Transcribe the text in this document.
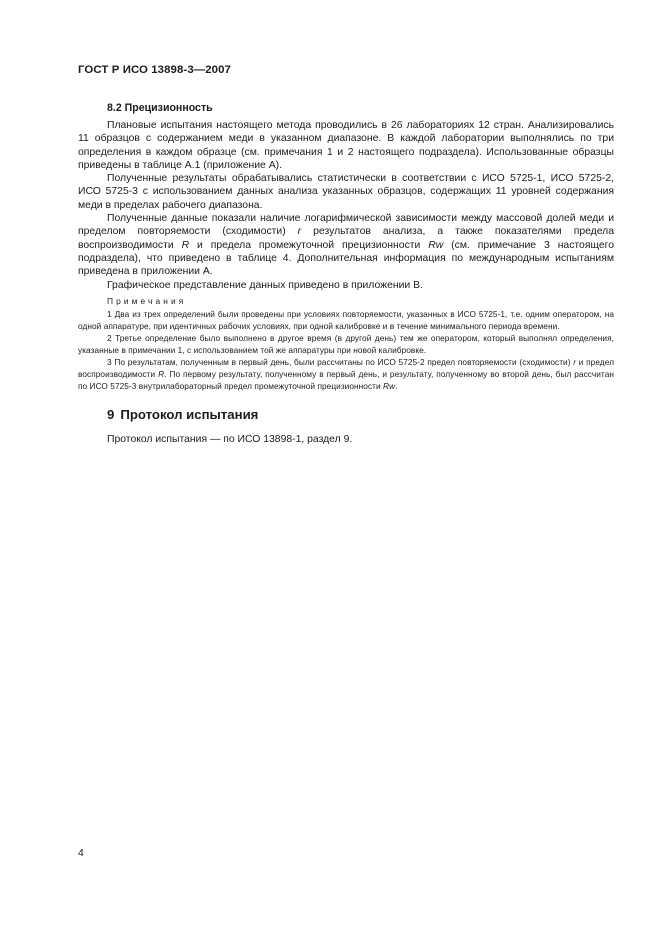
ГОСТ Р ИСО 13898-3—2007
8.2 Прецизионность

Плановые испытания настоящего метода проводились в 26 лабораториях 12 стран. Анализировались 11 образцов с содержанием меди в указанном диапазоне. В каждой лаборатории выполнялись по три определения в каждом образце (см. примечания 1 и 2 настоящего подраздела). Использованные образцы приведены в таблице А.1 (приложение А).

Полученные результаты обрабатывались статистически в соответствии с ИСО 5725-1, ИСО 5725-2, ИСО 5725-3 с использованием данных анализа указанных образцов, содержащих 11 уровней содержания меди в пределах рабочего диапазона.

Полученные данные показали наличие логарифмической зависимости между массовой долей меди и пределом повторяемости (сходимости) r результатов анализа, а также показателями предела воспроизводимости R и предела промежуточной прецизионности Rw (см. примечание 3 настоящего подраздела), что приведено в таблице 4. Дополнительная информация по международным испытаниям приведена в приложении А.

Графическое представление данных приведено в приложении В.

Примечания

1 Два из трех определений были проведены при условиях повторяемости, указанных в ИСО 5725-1, т.е. одним оператором, на одной аппаратуре, при идентичных рабочих условиях, при одной калибровке и в течение минимального периода времени.

2 Третье определение было выполнено в другое время (в другой день) тем же оператором, который выполнял определения, указанные в примечании 1, с использованием той же аппаратуры при новой калибровке.

3 По результатам, полученным в первый день, были рассчитаны по ИСО 5725-2 предел повторяемости (сходимости) r и предел воспроизводимости R. По первому результату, полученному в первый день, и результату, полученному во второй день, был рассчитан по ИСО 5725-3 внутрилабораторный предел промежуточной прецизионности Rw.

9 Протокол испытания
Протокол испытания — по ИСО 13898-1, раздел 9.
4
